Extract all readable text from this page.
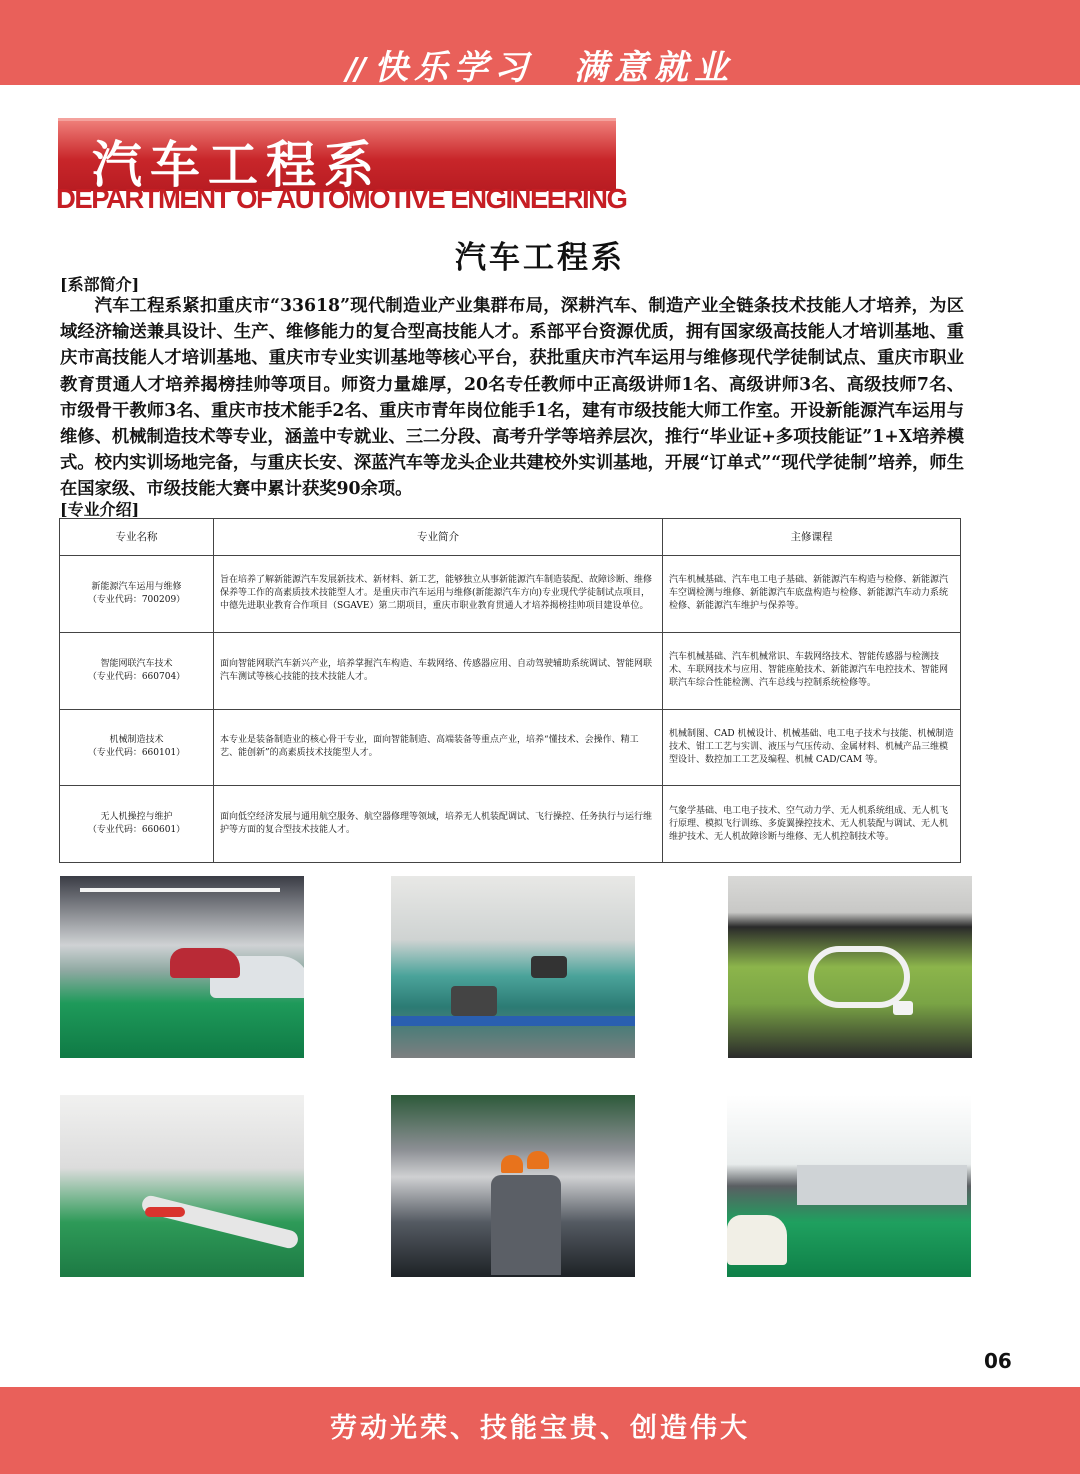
// 快乐学习 满意就业
汽车工程系
DEPARTMENT OF AUTOMOTIVE ENGINEERING
汽车工程系
[系部简介]
汽车工程系紧扣重庆市“33618”现代制造业产业集群布局，深耕汽车、制造产业全链条技术技能人才培养，为区域经济输送兼具设计、生产、维修能力的复合型高技能人才。系部平台资源优质，拥有国家级高技能人才培训基地、重庆市高技能人才培训基地、重庆市专业实训基地等核心平台，获批重庆市汽车运用与维修现代学徒制试点、重庆市职业教育贯通人才培养揭榜挂帅等项目。师资力量雄厚，20名专任教师中正高级讲师1名、高级讲师3名、高级技师7名、市级骨干教师3名、重庆市技术能手2名、重庆市青年岗位能手1名，建有市级技能大师工作室。开设新能源汽车运用与维修、机械制造技术等专业，涵盖中专就业、三二分段、高考升学等培养层次，推行“毕业证+多项技能证”1+X培养模式。校内实训场地完备，与重庆长安、深蓝汽车等龙头企业共建校外实训基地，开展“订单式”“现代学徒制”培养，师生在国家级、市级技能大赛中累计获奖90余项。
[专业介绍]
专业名称	专业简介	主修课程

新能源汽车运用与维修
（专业代码：700209）	旨在培养了解新能源汽车发展新技术、新材料、新工艺，能够独立从事新能源汽车制造装配、故障诊断、维修保养等工作的高素质技术技能型人才。是重庆市汽车运用与维修(新能源汽车方向)专业现代学徒制试点项目，中德先进职业教育合作项目（SGAVE）第二期项目，重庆市职业教育贯通人才培养揭榜挂帅项目建设单位。	汽车机械基础、汽车电工电子基础、新能源汽车构造与检修、新能源汽车空调检测与维修、新能源汽车底盘构造与检修、新能源汽车动力系统检修、新能源汽车维护与保养等。

智能网联汽车技术
（专业代码：660704）	面向智能网联汽车新兴产业，培养掌握汽车构造、车载网络、传感器应用、自动驾驶辅助系统调试、智能网联汽车测试等核心技能的技术技能人才。	汽车机械基础、汽车机械常识、车载网络技术、智能传感器与检测技术、车联网技术与应用、智能座舱技术、新能源汽车电控技术、智能网联汽车综合性能检测、汽车总线与控制系统检修等。

机械制造技术
（专业代码：660101）	本专业是装备制造业的核心骨干专业，面向智能制造、高端装备等重点产业，培养“懂技术、会操作、精工艺、能创新”的高素质技术技能型人才。	机械制图、CAD 机械设计、机械基础、电工电子技术与技能、机械制造技术、钳工工艺与实训、液压与气压传动、金属材料、机械产品三维模型设计、数控加工工艺及编程、机械 CAD/CAM 等。

无人机操控与维护
（专业代码：660601）	面向低空经济发展与通用航空服务、航空器修理等领域，培养无人机装配调试、飞行操控、任务执行与运行维护等方面的复合型技术技能人才。	气象学基础、电工电子技术、空气动力学、无人机系统组成、无人机飞行原理、模拟飞行训练、多旋翼操控技术、无人机装配与调试、无人机维护技术、无人机故障诊断与维修、无人机控制技术等。
06
劳动光荣、技能宝贵、创造伟大
